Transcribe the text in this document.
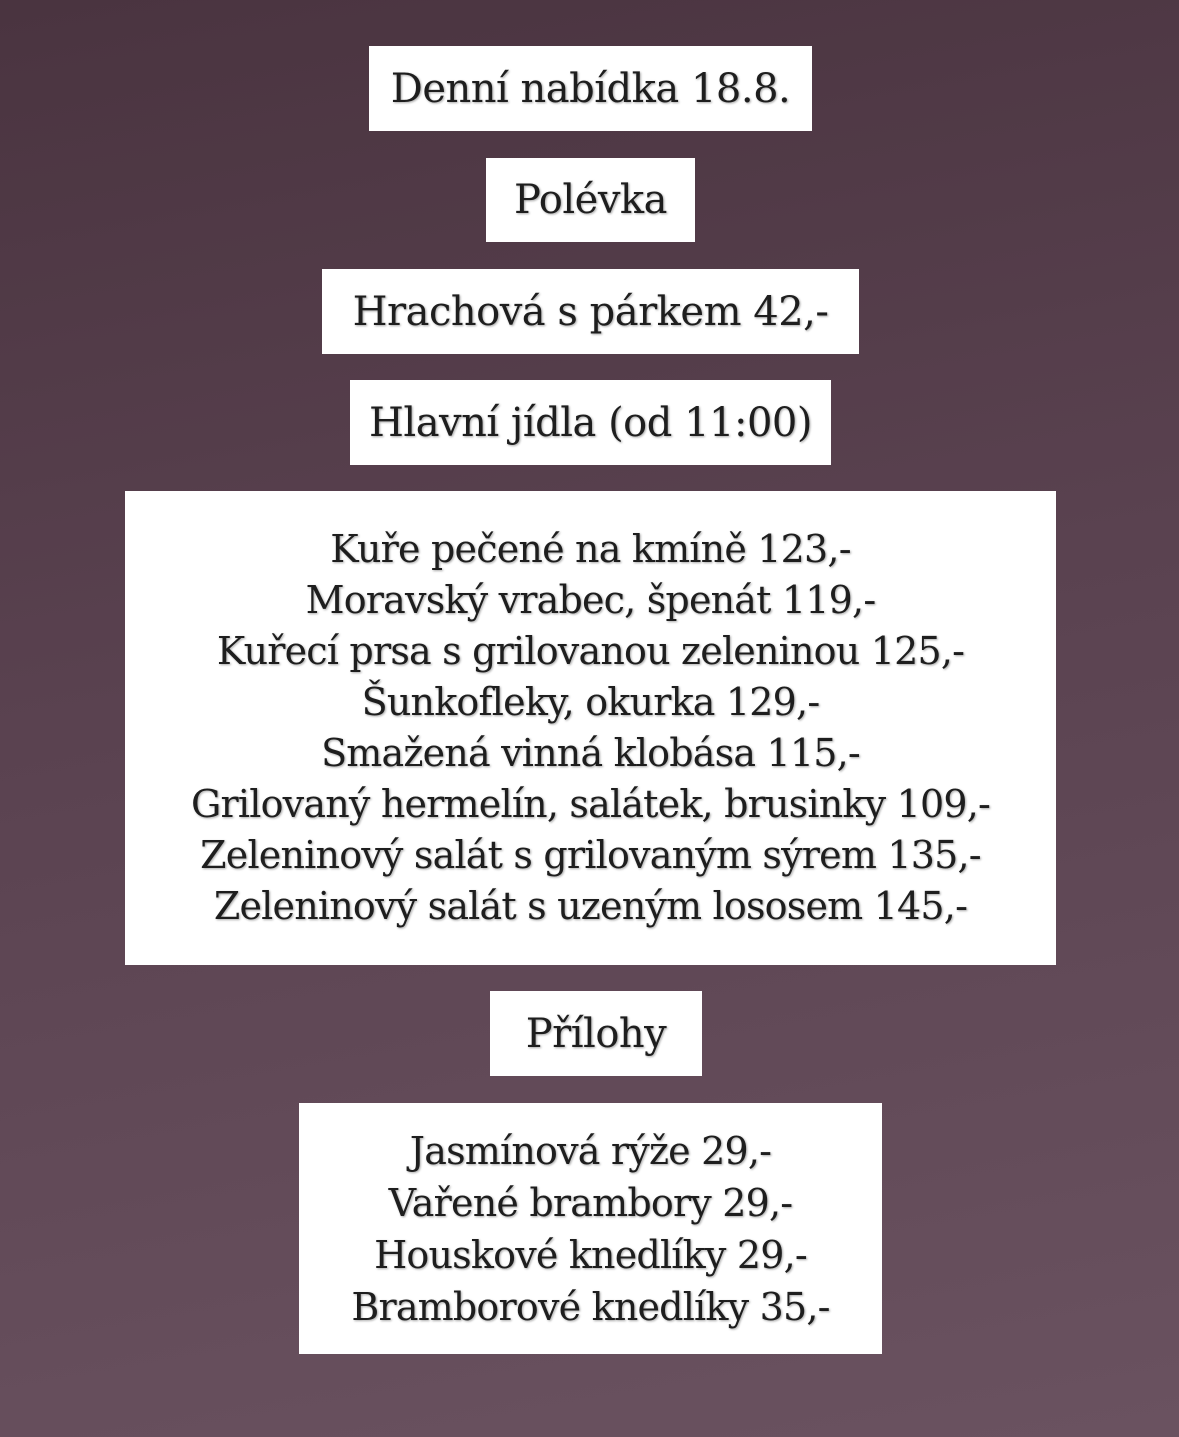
Denní nabídka 18.8.
Polévka
Hrachová s párkem 42,-
Hlavní jídla (od 11:00)
Kuře pečené na kmíně 123,-
Moravský vrabec, špenát 119,-
Kuřecí prsa s grilovanou zeleninou 125,-
Šunkofleky, okurka 129,-
Smažená vinná klobása 115,-
Grilovaný hermelín, salátek, brusinky 109,-
Zeleninový salát s grilovaným sýrem 135,-
Zeleninový salát s uzeným lososem 145,-
Přílohy
Jasmínová rýže 29,-
Vařené brambory 29,-
Houskové knedlíky 29,-
Bramborové knedlíky 35,-
